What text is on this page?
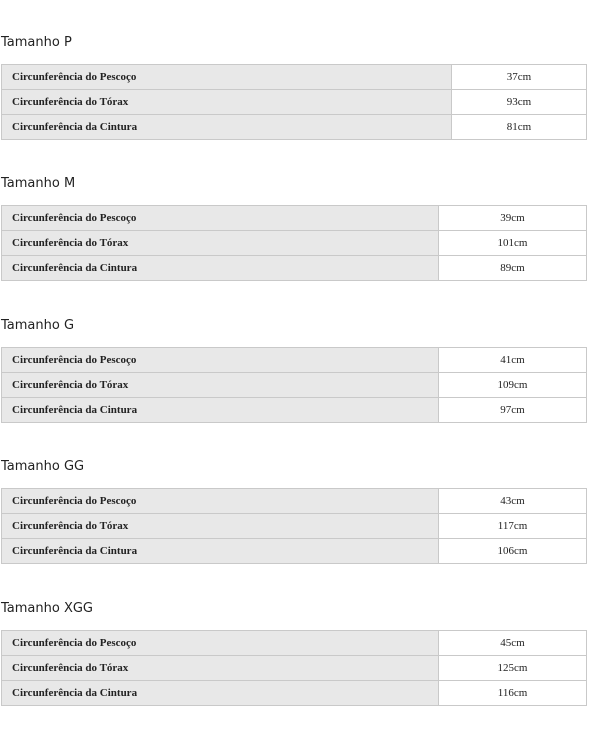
Tamanho P
Circunferência do Pescoço	37cm
Circunferência do Tórax	93cm
Circunferência da Cintura	81cm
Tamanho M
Circunferência do Pescoço	39cm
Circunferência do Tórax	101cm
Circunferência da Cintura	89cm
Tamanho G
Circunferência do Pescoço	41cm
Circunferência do Tórax	109cm
Circunferência da Cintura	97cm
Tamanho GG
Circunferência do Pescoço	43cm
Circunferência do Tórax	117cm
Circunferência da Cintura	106cm
Tamanho XGG
Circunferência do Pescoço	45cm
Circunferência do Tórax	125cm
Circunferência da Cintura	116cm
